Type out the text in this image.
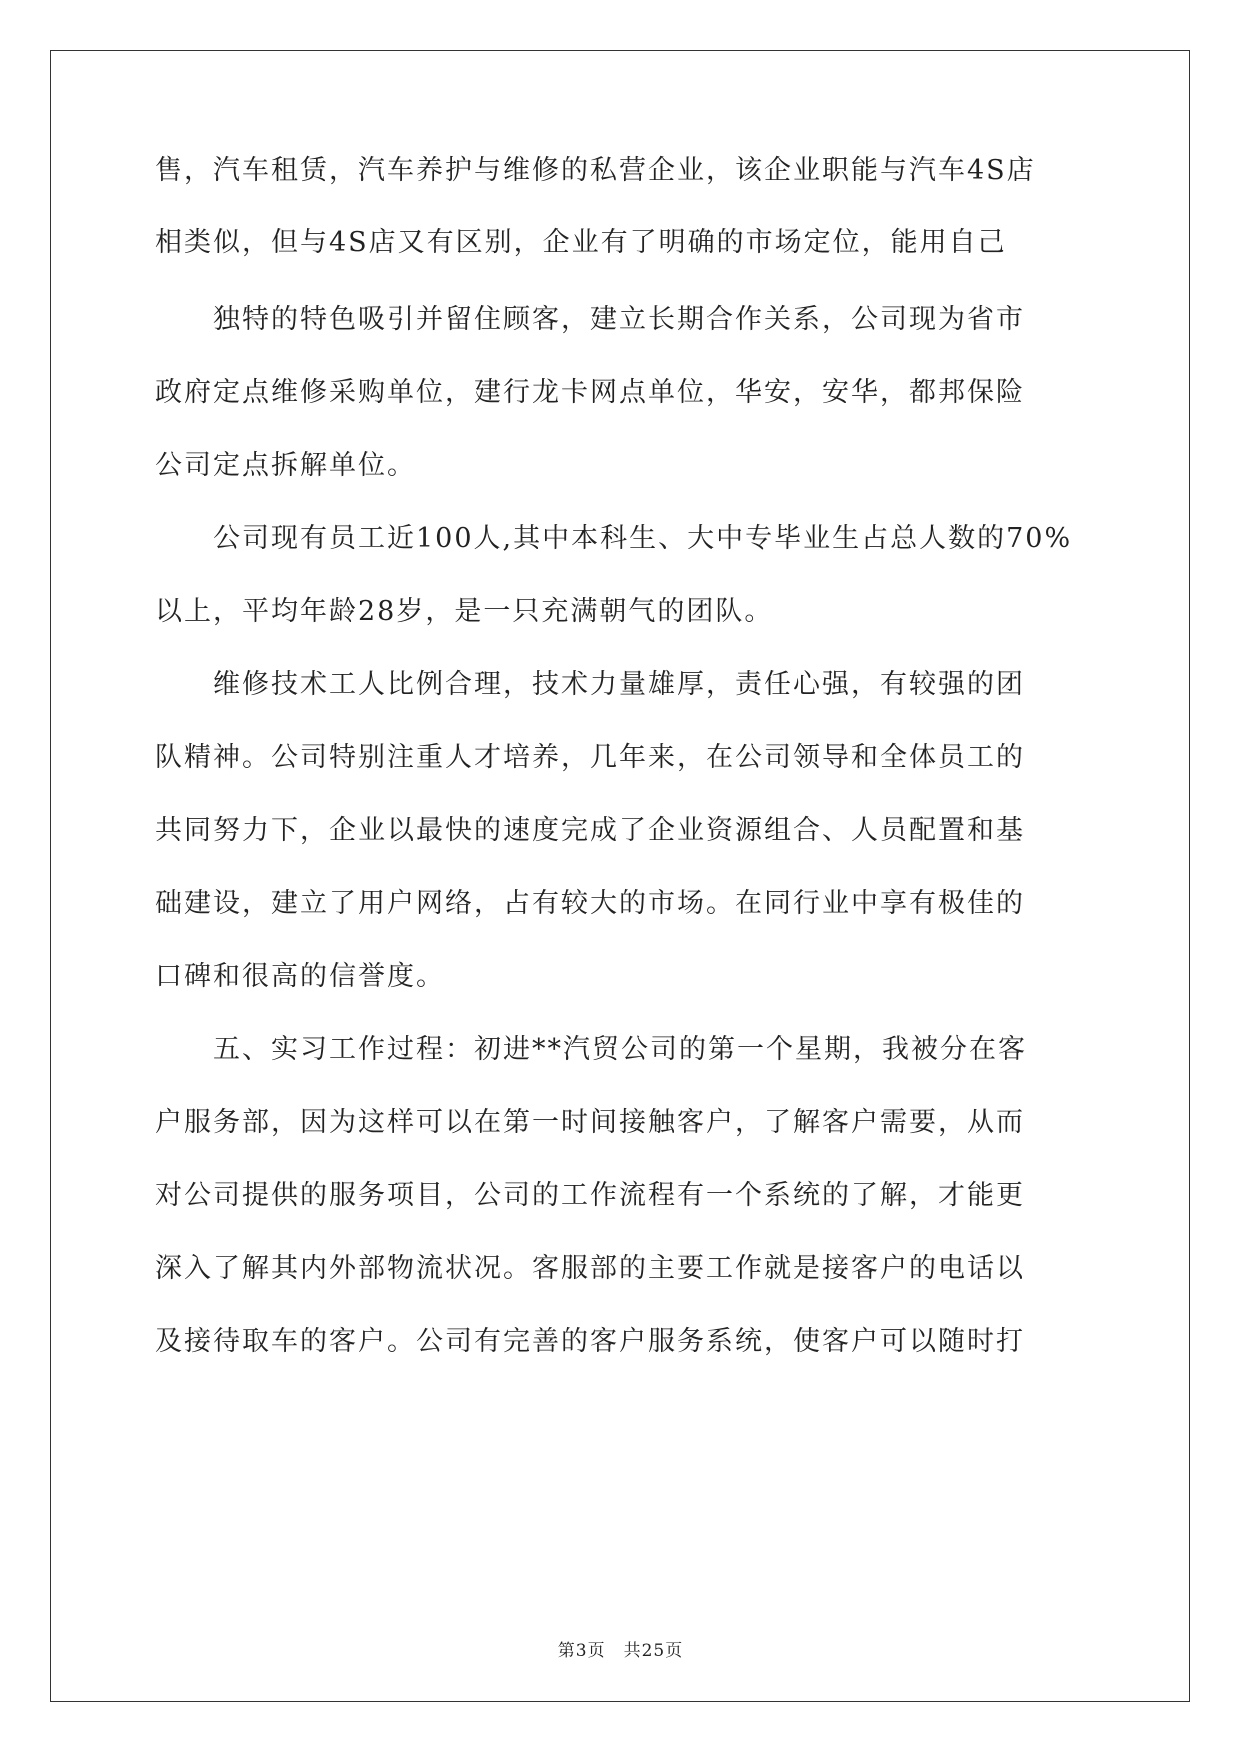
售，汽车租赁，汽车养护与维修的私营企业，该企业职能与汽车4S店
相类似，但与4S店又有区别，企业有了明确的市场定位，能用自己
　　独特的特色吸引并留住顾客，建立长期合作关系，公司现为省市
政府定点维修采购单位，建行龙卡网点单位，华安，安华，都邦保险
公司定点拆解单位。
　　公司现有员工近100人,其中本科生、大中专毕业生占总人数的70%
以上，平均年龄28岁，是一只充满朝气的团队。
　　维修技术工人比例合理，技术力量雄厚，责任心强，有较强的团
队精神。公司特别注重人才培养，几年来，在公司领导和全体员工的
共同努力下，企业以最快的速度完成了企业资源组合、人员配置和基
础建设，建立了用户网络，占有较大的市场。在同行业中享有极佳的
口碑和很高的信誉度。
　　五、实习工作过程：初进**汽贸公司的第一个星期，我被分在客
户服务部，因为这样可以在第一时间接触客户，了解客户需要，从而
对公司提供的服务项目，公司的工作流程有一个系统的了解，才能更
深入了解其内外部物流状况。客服部的主要工作就是接客户的电话以
及接待取车的客户。公司有完善的客户服务系统，使客户可以随时打
第3页　共25页
